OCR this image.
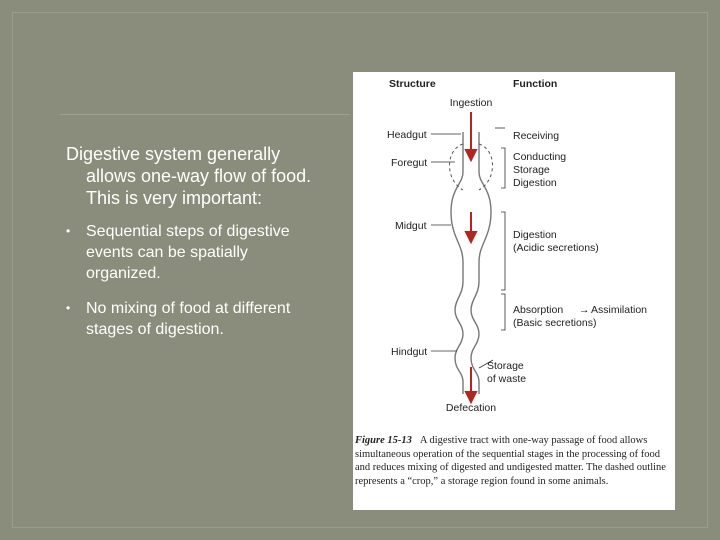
Digestive system generally allows one-way flow of food. This is very important:

• Sequential steps of digestive events can be spatially organized.
• No mixing of food at different stages of digestion.
Structure	Function
Ingestion
Defecation
Headgut
Foregut
Midgut
Hindgut
Receiving
Conducting
Storage
Digestion
Digestion
(Acidic secretions)
Absorption → Assimilation
(Basic secretions)
Storage
of waste
Figure 15-13 A digestive tract with one-way passage of food allows simultaneous operation of the sequential stages in the processing of food and reduces mixing of digested and undigested matter. The dashed outline represents a “crop,” a storage region found in some animals.
